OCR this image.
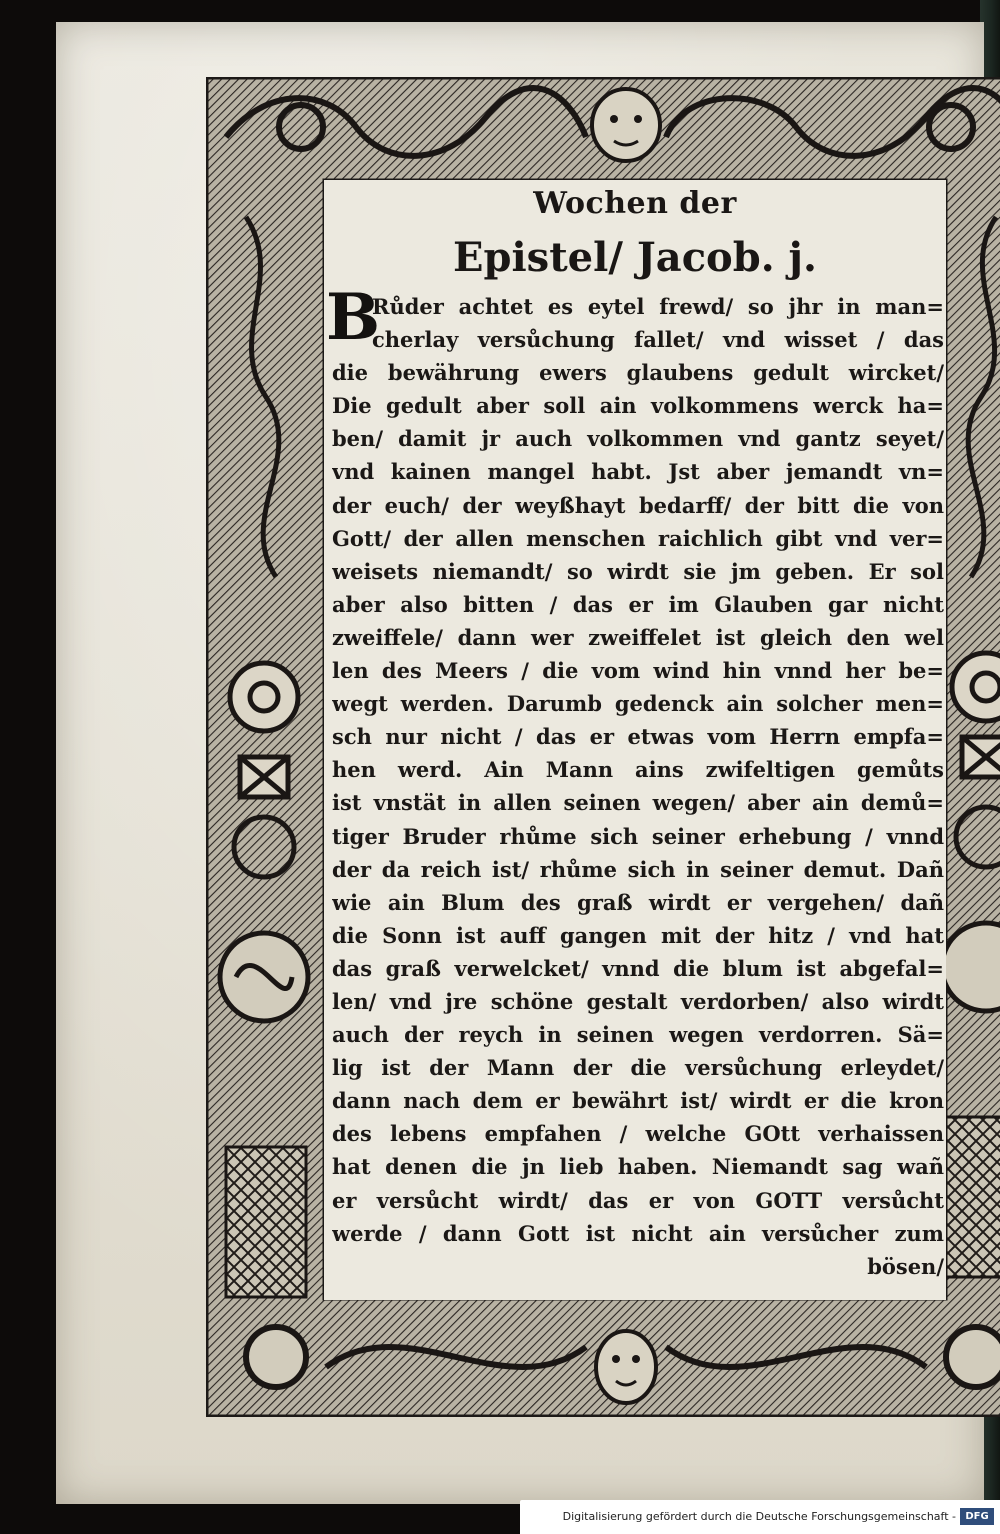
Wochen der
Epistel/ Jacob. j.
B
Růder achtet es eytel frewd/ so jhr in man=
cherlay versůchung fallet/ vnd wisset / das
die bewährung ewers glaubens gedult wircket/
Die gedult aber soll ain volkommens werck ha=
ben/ damit jr auch volkommen vnd gantz seyet/
vnd kainen mangel habt. Jst aber jemandt vn=
der euch/ der weyßhayt bedarff/ der bitt die von
Gott/ der allen menschen raichlich gibt vnd ver=
weisets niemandt/ so wirdt sie jm geben. Er sol
aber also bitten / das er im Glauben gar nicht
zweiffele/ dann wer zweiffelet ist gleich den wel
len des Meers / die vom wind hin vnnd her be=
wegt werden. Darumb gedenck ain solcher men=
sch nur nicht / das er etwas vom Herrn empfa=
hen werd. Ain Mann ains zwifeltigen gemůts
ist vnstät in allen seinen wegen/ aber ain demů=
tiger Bruder rhůme sich seiner erhebung / vnnd
der da reich ist/ rhůme sich in seiner demut. Dañ
wie ain Blum des graß wirdt er vergehen/ dañ
die Sonn ist auff gangen mit der hitz / vnd hat
das graß verwelcket/ vnnd die blum ist abgefal=
len/ vnd jre schöne gestalt verdorben/ also wirdt
auch der reych in seinen wegen verdorren. Sä=
lig ist der Mann der die versůchung erleydet/
dann nach dem er bewährt ist/ wirdt er die kron
des lebens empfahen / welche GOtt verhaissen
hat denen die jn lieb haben. Niemandt sag wañ
er versůcht wirdt/ das er von GOTT versůcht
werde / dann Gott ist nicht ain versůcher zum
bösen/
Digitalisierung gefördert durch die Deutsche Forschungsgemeinschaft - DFG
